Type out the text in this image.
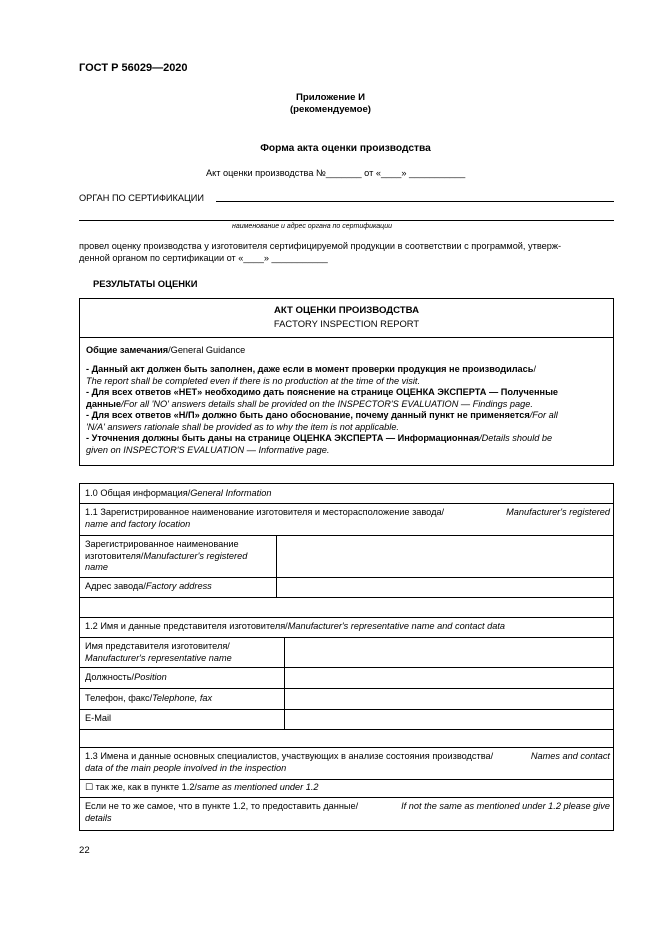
ГОСТ Р 56029—2020
Приложение И
(рекомендуемое)
Форма акта оценки производства
Акт оценки производства №_______ от «____» ___________
ОРГАН ПО СЕРТИФИКАЦИИ
наименование и адрес органа по сертификации
провел оценку производства у изготовителя сертифицируемой продукции в соответствии с программой, утверж-
денной органом по сертификации от «____» ___________
РЕЗУЛЬТАТЫ ОЦЕНКИ
АКТ ОЦЕНКИ ПРОИЗВОДСТВА
FACTORY INSPECTION REPORT
Общие замечания/General Guidance
- Данный акт должен быть заполнен, даже если в момент проверки продукция не производилась/
The report shall be completed even if there is no production at the time of the visit.
- Для всех ответов «НЕТ» необходимо дать пояснение на странице ОЦЕНКА ЭКСПЕРТА — Полученные
данные/For all 'NO' answers details shall be provided on the INSPECTOR'S EVALUATION — Findings page.
- Для всех ответов «Н/П» должно быть дано обоснование, почему данный пункт не применяется/For all
'N/A' answers rationale shall be provided as to why the item is not applicable.
- Уточнения должны быть даны на странице ОЦЕНКА ЭКСПЕРТА — Информационная/Details should be
given on INSPECTOR'S EVALUATION — Informative page.
1.0 Общая информация/General Information
1.1 Зарегистрированное наименование изготовителя и месторасположение завода/	Manufacturer's registered
name and factory location
Зарегистрированное наименование
изготовителя/Manufacturer's registered
name
Адрес завода/Factory address
1.2 Имя и данные представителя изготовителя/Manufacturer's representative name and contact data
Имя представителя изготовителя/
Manufacturer's representative name
Должность/Position
Телефон, факс/Telephone, fax
E-Mail
1.3 Имена и данные основных специалистов, участвующих в анализе состояния производства/	Names and contact
data of the main people involved in the inspection
☐ так же, как в пункте 1.2/same as mentioned under 1.2
Если не то же самое, что в пункте 1.2, то предоставить данные/	If not the same as mentioned under 1.2 please give
details
22
